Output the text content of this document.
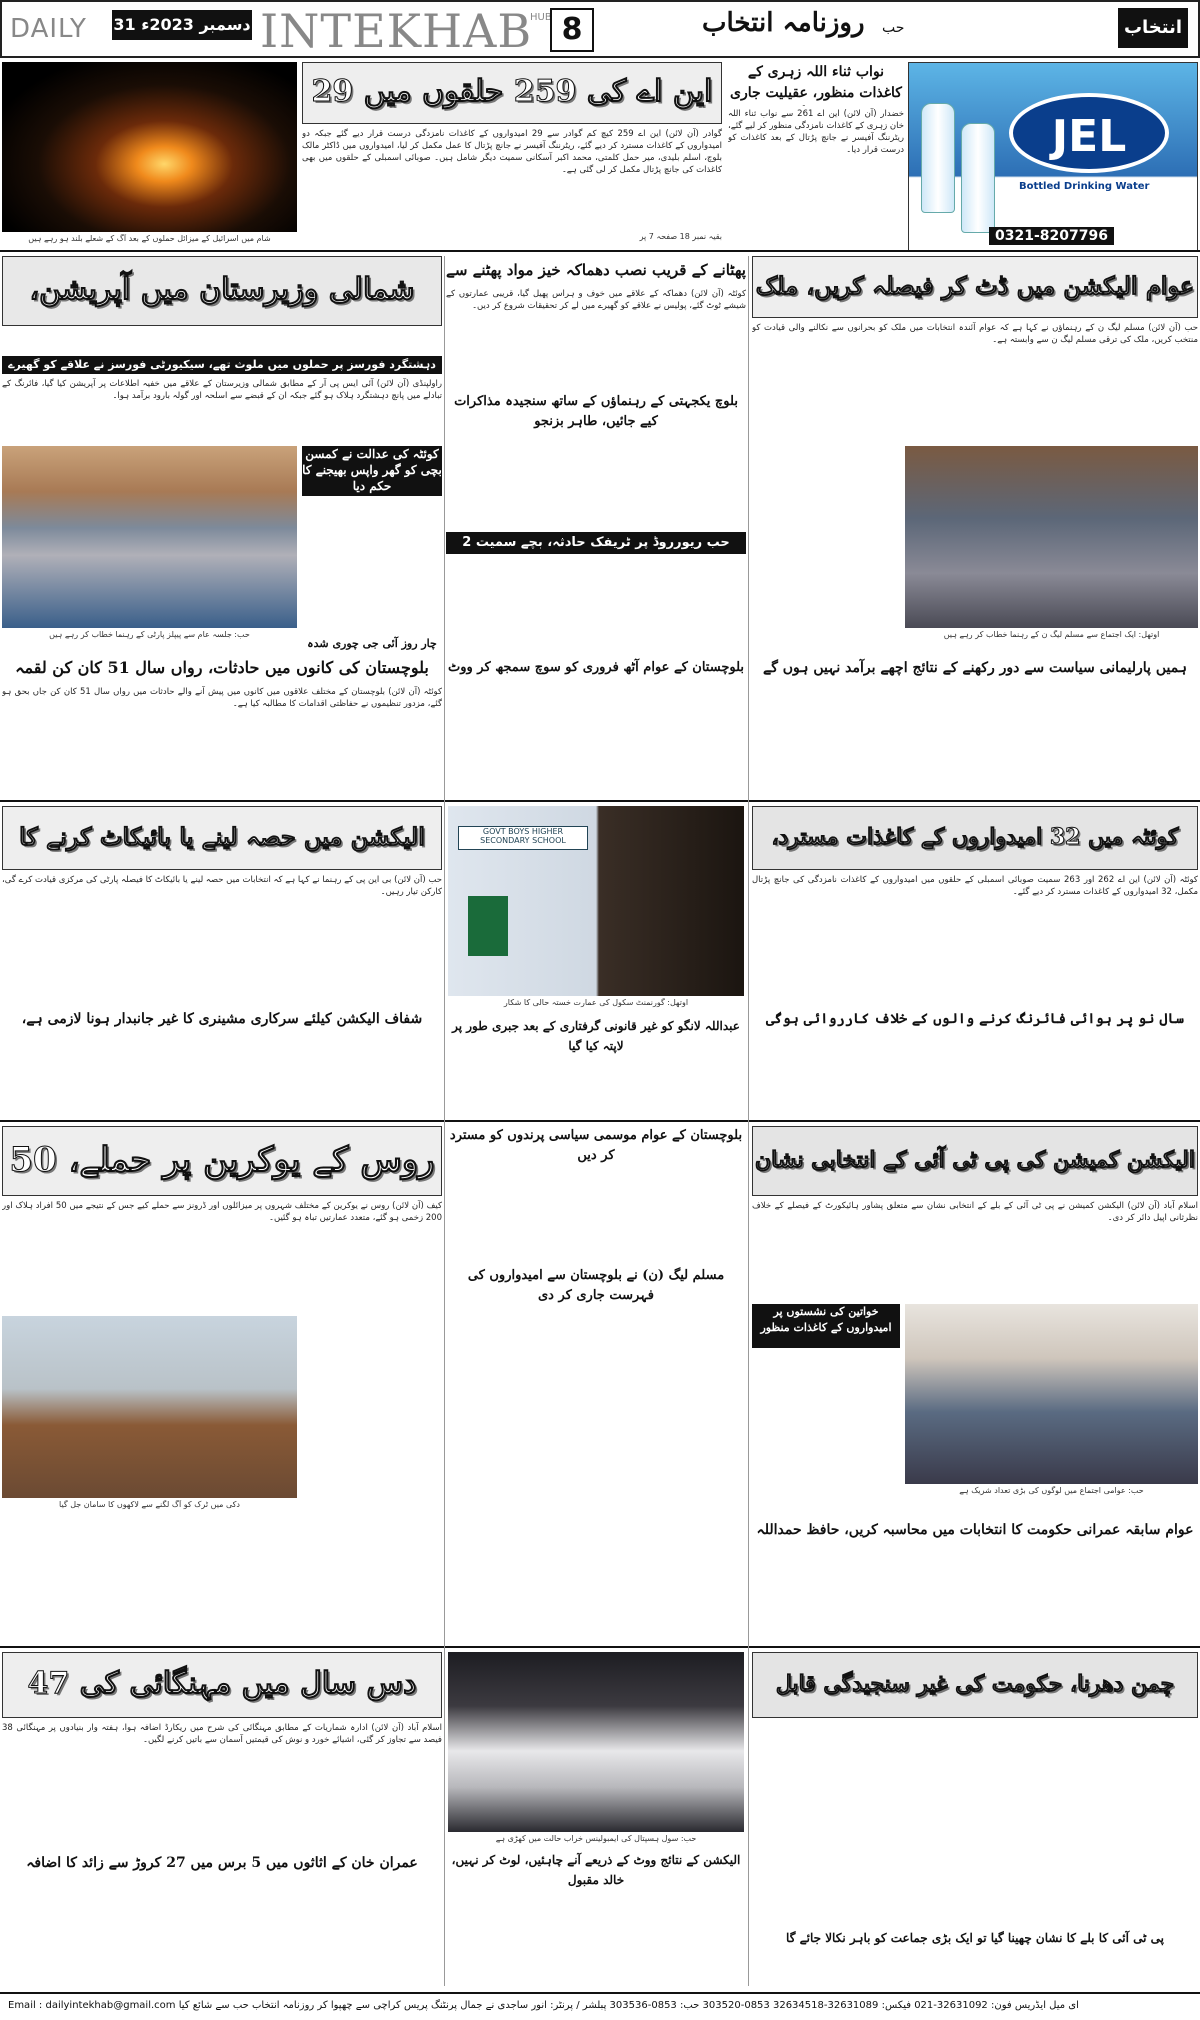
DAILY 31 دسمبر 2023ء INTEKHAB
HUB 8	روزنامہ انتخاب حب	انتخاب
شام میں اسرائیل کے میزائل حملوں کے بعد آگ کے شعلے بلند ہو رہے ہیں
این اے کی 259 حلقوں میں 29
گوادر (آن لائن) این اے 259 کیچ کم گوادر سے 29 امیدواروں کے کاغذات نامزدگی درست قرار دیے گئے جبکہ دو امیدواروں کے کاغذات مسترد کر دیے گئے، ریٹرننگ آفیسر نے جانچ پڑتال کا عمل مکمل کر لیا، امیدواروں میں ڈاکٹر مالک بلوچ، اسلم بلیدی، میر حمل کلمتی، محمد اکبر آسکانی سمیت دیگر شامل ہیں۔ صوبائی اسمبلی کے حلقوں میں بھی کاغذات کی جانچ پڑتال مکمل کر لی گئی ہے۔
بقیہ نمبر 18 صفحہ 7 پر
نواب ثناء اللہ زہری کے کاغذات منظور، عقیلیت جاری
خضدار (آن لائن) این اے 261 سے نواب ثناء اللہ خان زہری کے کاغذات نامزدگی منظور کر لیے گئے، ریٹرننگ آفیسر نے جانچ پڑتال کے بعد کاغذات کو درست قرار دیا۔	JEL
Bottled Drinking Water
0321-8207796
شمالی وزیرستان میں آپریشن،
دہشتگرد فورسز پر حملوں میں ملوث تھے، سیکیورٹی فورسز نے علاقے کو گھیرے
راولپنڈی (آن لائن) آئی ایس پی آر کے مطابق شمالی وزیرستان کے علاقے میں خفیہ اطلاعات پر آپریشن کیا گیا، فائرنگ کے تبادلے میں پانچ دہشتگرد ہلاک ہو گئے جبکہ ان کے قبضے سے اسلحہ اور گولہ بارود برآمد ہوا۔
حب: جلسہ عام سے پیپلز پارٹی کے رہنما خطاب کر رہے ہیں
کوئٹہ کی عدالت نے کمسن بچی کو گھر واپس بھیجنے کا حکم دیا
پھٹانے کے قریب نصب دھماکہ خیز مواد پھٹنے سے
کوئٹہ (آن لائن) دھماکہ کے علاقے میں خوف و ہراس پھیل گیا، قریبی عمارتوں کے شیشے ٹوٹ گئے، پولیس نے علاقے کو گھیرے میں لے کر تحقیقات شروع کر دیں۔
بلوچ یکجہتی کے رہنماؤں کے ساتھ سنجیدہ مذاکرات کیے جائیں، طاہر بزنجو
حب ریورروڈ پر ٹریفک حادثہ، بچے سمیت 2
عوام الیکشن میں ڈٹ کر فیصلہ کریں، ملک
حب (آن لائن) مسلم لیگ ن کے رہنماؤں نے کہا ہے کہ عوام آئندہ انتخابات میں ملک کو بحرانوں سے نکالنے والی قیادت کو منتخب کریں، ملک کی ترقی مسلم لیگ ن سے وابستہ ہے۔
اوتھل: ایک اجتماع سے مسلم لیگ ن کے رہنما خطاب کر رہے ہیں
بلوچستان کی کانوں میں حادثات، رواں سال 51 کان کن لقمہ
کوئٹہ (آن لائن) بلوچستان کے مختلف علاقوں میں کانوں میں پیش آنے والے حادثات میں رواں سال 51 کان کن جاں بحق ہو گئے، مزدور تنظیموں نے حفاظتی اقدامات کا مطالبہ کیا ہے۔
چار روز آئی جی چوری شدہ
بلوچستان کے عوام آٹھ فروری کو سوچ سمجھ کر ووٹ	ہمیں پارلیمانی سیاست سے دور رکھنے کے نتائج اچھے برآمد نہیں ہوں گے
الیکشن میں حصہ لینے یا بائیکاٹ کرنے کا
حب (آن لائن) بی این پی کے رہنما نے کہا ہے کہ انتخابات میں حصہ لینے یا بائیکاٹ کا فیصلہ پارٹی کی مرکزی قیادت کرے گی، کارکن تیار رہیں۔
GOVT BOYS HIGHER SECONDARY SCHOOL
اوتھل: گورنمنٹ سکول کی عمارت خستہ حالی کا شکار
کوئٹہ میں 32 امیدواروں کے کاغذات مسترد،
کوئٹہ (آن لائن) این اے 262 اور 263 سمیت صوبائی اسمبلی کے حلقوں میں امیدواروں کے کاغذات نامزدگی کی جانچ پڑتال مکمل، 32 امیدواروں کے کاغذات مسترد کر دیے گئے۔
شفاف الیکشن کیلئے سرکاری مشینری کا غیر جانبدار ہونا لازمی ہے،	عبداللہ لانگو کو غیر قانونی گرفتاری کے بعد جبری طور پر لاپتہ کیا گیا
سال نو پر ہوائی فائرنگ کرنے والوں کے خلاف کارروائی ہوگی
روس کے یوکرین پر حملے، 50
کیف (آن لائن) روس نے یوکرین کے مختلف شہروں پر میزائلوں اور ڈرونز سے حملے کیے جس کے نتیجے میں 50 افراد ہلاک اور 200 زخمی ہو گئے، متعدد عمارتیں تباہ ہو گئیں۔
دکی میں ٹرک کو آگ لگنے سے لاکھوں کا سامان جل گیا
بلوچستان کے عوام موسمی سیاسی پرندوں کو مسترد کر دیں
مسلم لیگ (ن) نے بلوچستان سے امیدواروں کی فہرست جاری کر دی
الیکشن کمیشن کی پی ٹی آئی کے انتخابی نشان
اسلام آباد (آن لائن) الیکشن کمیشن نے پی ٹی آئی کے بلے کے انتخابی نشان سے متعلق پشاور ہائیکورٹ کے فیصلے کے خلاف نظرثانی اپیل دائر کر دی۔
حب: عوامی اجتماع میں لوگوں کی بڑی تعداد شریک ہے
خواتین کی نشستوں پر امیدواروں کے کاغذات منظور
عوام سابقہ عمرانی حکومت کا انتخابات میں محاسبہ کریں، حافظ حمداللہ
دس سال میں مہنگائی کی 47
اسلام آباد (آن لائن) ادارہ شماریات کے مطابق مہنگائی کی شرح میں ریکارڈ اضافہ ہوا، ہفتہ وار بنیادوں پر مہنگائی 38 فیصد سے تجاوز کر گئی، اشیائے خورد و نوش کی قیمتیں آسمان سے باتیں کرنے لگیں۔
عمران خان کے اثاثوں میں 5 برس میں 27 کروڑ سے زائد کا اضافہ
حب: سول ہسپتال کی ایمبولینس خراب حالت میں کھڑی ہے
الیکشن کے نتائج ووٹ کے ذریعے آنے چاہئیں، لوٹ کر نہیں، خالد مقبول
چمن دھرنا، حکومت کی غیر سنجیدگی قابل
پی ٹی آئی کا بلے کا نشان چھینا گیا تو ایک بڑی جماعت کو باہر نکالا جائے گا
Email : dailyintekhab@gmail.com ای میل ایڈریس فون: 32631092-021 فیکس: 32631089-32634518 0853-303520 حب: 0853-303536 پبلشر / پرنٹر: انور ساجدی نے جمال پرنٹنگ پریس کراچی سے چھپوا کر روزنامہ انتخاب حب سے شائع کیا
